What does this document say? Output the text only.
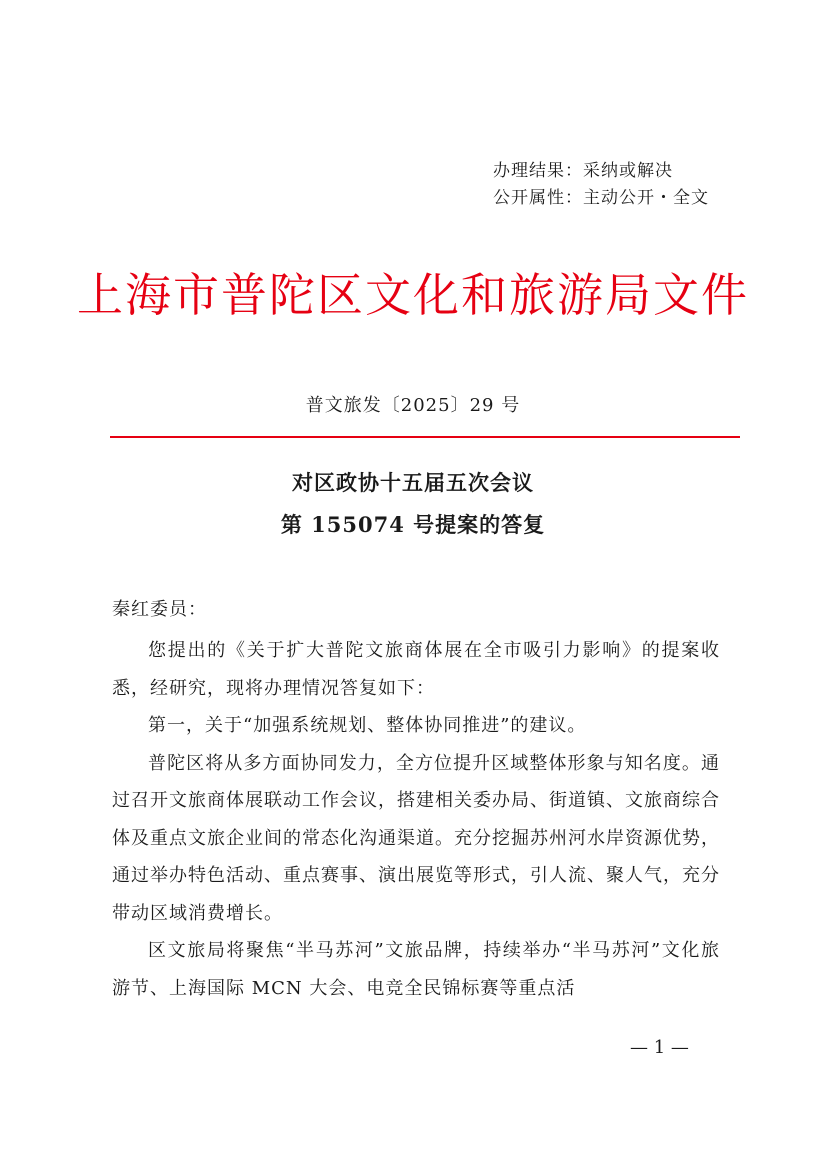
办理结果：采纳或解决
公开属性：主动公开・全文
上海市普陀区文化和旅游局文件
普文旅发〔2025〕29 号
对区政协十五届五次会议
第 155074 号提案的答复
秦红委员：

您提出的《关于扩大普陀文旅商体展在全市吸引力影响》的提案收悉，经研究，现将办理情况答复如下：

第一，关于“加强系统规划、整体协同推进”的建议。

普陀区将从多方面协同发力，全方位提升区域整体形象与知名度。通过召开文旅商体展联动工作会议，搭建相关委办局、街道镇、文旅商综合体及重点文旅企业间的常态化沟通渠道。充分挖掘苏州河水岸资源优势，通过举办特色活动、重点赛事、演出展览等形式，引人流、聚人气，充分带动区域消费增长。

区文旅局将聚焦“半马苏河”文旅品牌，持续举办“半马苏河”文化旅游节、上海国际 MCN 大会、电竞全民锦标赛等重点活

— 1 —
